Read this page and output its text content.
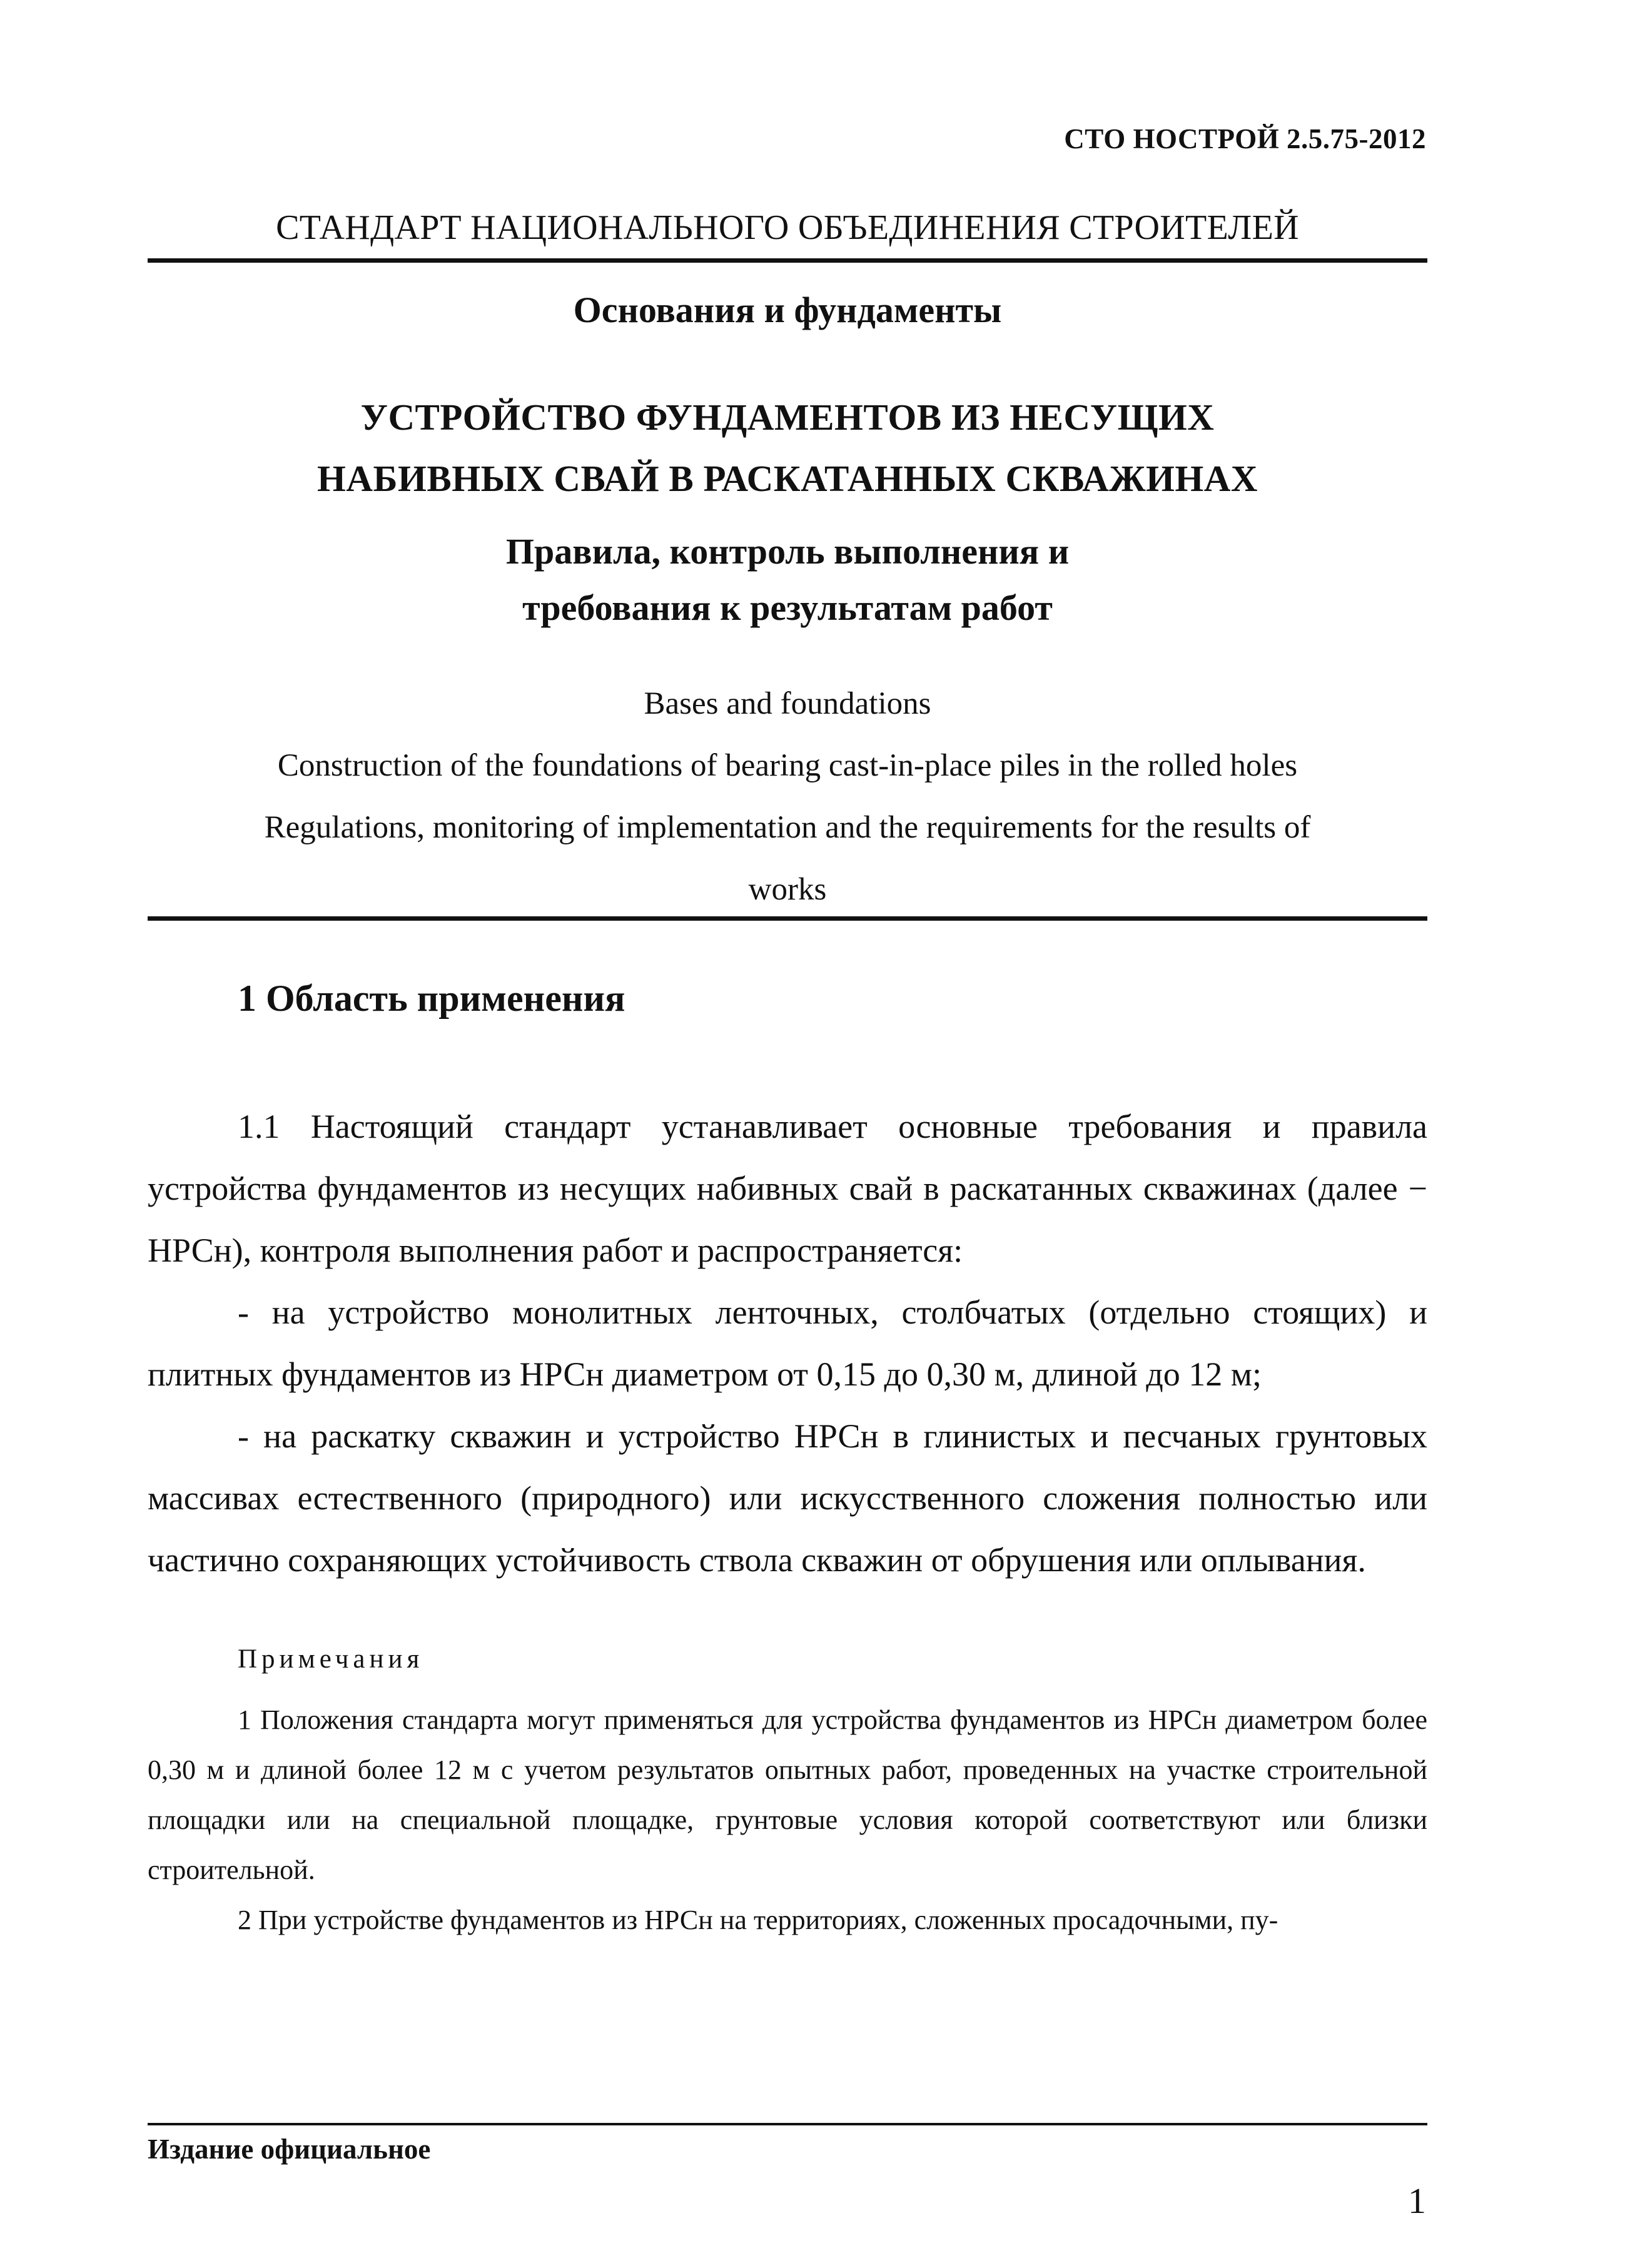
СТО НОСТРОЙ 2.5.75-2012
СТАНДАРТ НАЦИОНАЛЬНОГО ОБЪЕДИНЕНИЯ СТРОИТЕЛЕЙ
Основания и фундаменты
УСТРОЙСТВО ФУНДАМЕНТОВ ИЗ НЕСУЩИХ
НАБИВНЫХ СВАЙ В РАСКАТАННЫХ СКВАЖИНАХ
Правила, контроль выполнения и
требования к результатам работ
Bases and foundations
Construction of the foundations of bearing cast-in-place piles in the rolled holes
Regulations, monitoring of implementation and the requirements for the results of
works
1 Область применения

1.1 Настоящий стандарт устанавливает основные требования и правила устройства фундаментов из несущих набивных свай в раскатанных скважинах (далее − НРСн), контроля выполнения работ и распространяется:

- на устройство монолитных ленточных, столбчатых (отдельно стоящих) и плитных фундаментов из НРСн диаметром от 0,15 до 0,30 м, длиной до 12 м;

- на раскатку скважин и устройство НРСн в глинистых и песчаных грунтовых массивах естественного (природного) или искусственного сложения полностью или частично сохраняющих устойчивость ствола скважин от обрушения или оплывания.

Примечания

1 Положения стандарта могут применяться для устройства фундаментов из НРСн диаметром более 0,30 м и длиной более 12 м с учетом результатов опытных работ, проведенных на участке строительной площадки или на специальной площадке, грунтовые условия которой соответствуют или близки строительной.

2 При устройстве фундаментов из НРСн на территориях, сложенных просадочными, пу-

Издание официальное
1
